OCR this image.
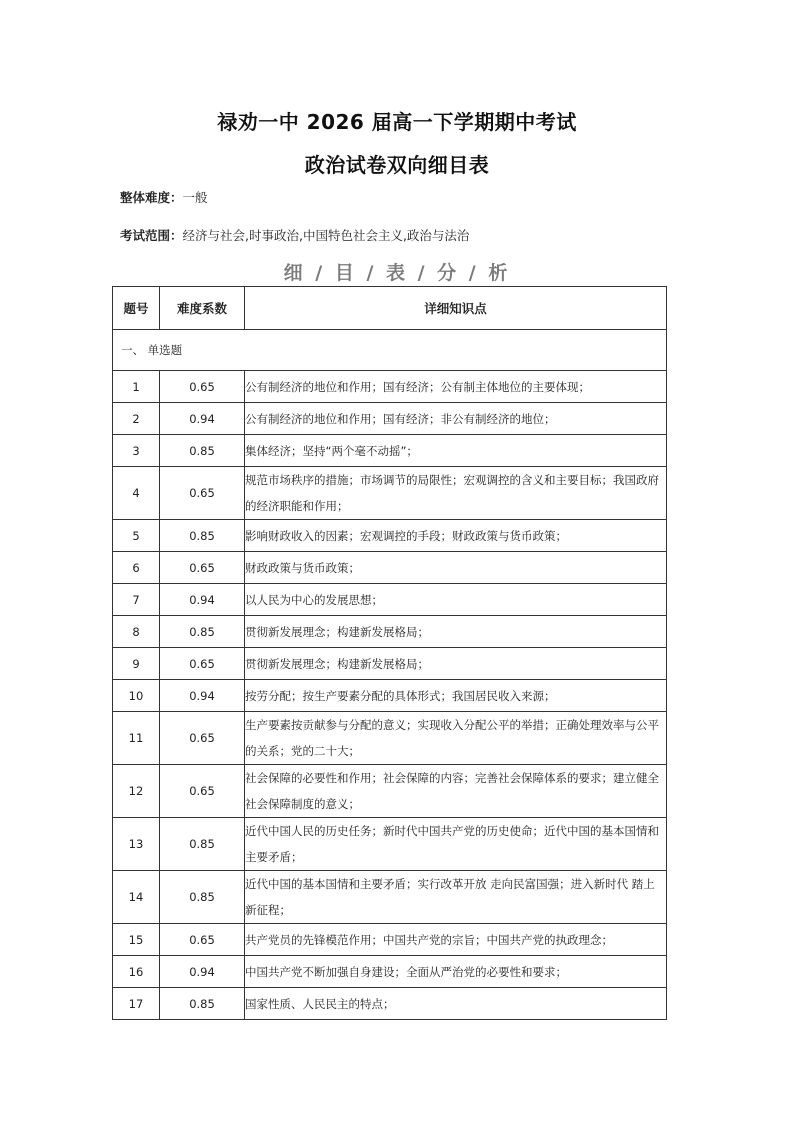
禄劝一中 2026 届高一下学期期中考试
政治试卷双向细目表
整体难度：一般
考试范围：经济与社会,时事政治,中国特色社会主义,政治与法治
细 / 目 / 表 / 分 / 析
题号	难度系数	详细知识点
一、 单选题		
1	0.65	公有制经济的地位和作用；国有经济；公有制主体地位的主要体现；
2	0.94	公有制经济的地位和作用；国有经济；非公有制经济的地位；
3	0.85	集体经济；坚持“两个毫不动摇”；
4	0.65	规范市场秩序的措施；市场调节的局限性；宏观调控的含义和主要目标；我国政府的经济职能和作用；
5	0.85	影响财政收入的因素；宏观调控的手段；财政政策与货币政策；
6	0.65	财政政策与货币政策；
7	0.94	以人民为中心的发展思想；
8	0.85	贯彻新发展理念；构建新发展格局；
9	0.65	贯彻新发展理念；构建新发展格局；
10	0.94	按劳分配；按生产要素分配的具体形式；我国居民收入来源；
11	0.65	生产要素按贡献参与分配的意义；实现收入分配公平的举措；正确处理效率与公平的关系；党的二十大；
12	0.65	社会保障的必要性和作用；社会保障的内容；完善社会保障体系的要求；建立健全社会保障制度的意义；
13	0.85	近代中国人民的历史任务；新时代中国共产党的历史使命；近代中国的基本国情和主要矛盾；
14	0.85	近代中国的基本国情和主要矛盾；实行改革开放 走向民富国强；进入新时代 踏上新征程；
15	0.65	共产党员的先锋模范作用；中国共产党的宗旨；中国共产党的执政理念；
16	0.94	中国共产党不断加强自身建设；全面从严治党的必要性和要求；
17	0.85	国家性质、人民民主的特点；
